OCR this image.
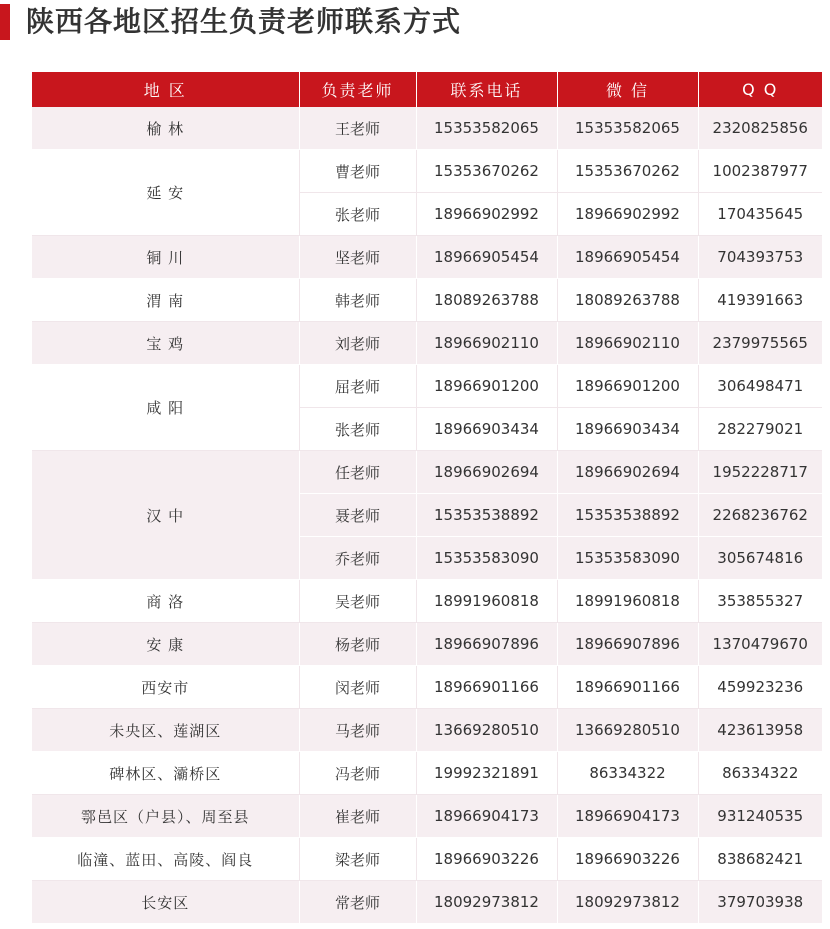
陕西各地区招生负责老师联系方式
地 区	负责老师	联系电话	微 信	Q Q
榆 林	王老师	15353582065	15353582065	2320825856
延 安	曹老师	15353670262	15353670262	1002387977
	张老师	18966902992	18966902992	170435645
铜 川	坚老师	18966905454	18966905454	704393753
渭 南	韩老师	18089263788	18089263788	419391663
宝 鸡	刘老师	18966902110	18966902110	2379975565
咸 阳	屈老师	18966901200	18966901200	306498471
	张老师	18966903434	18966903434	282279021
汉 中	任老师	18966902694	18966902694	1952228717
	聂老师	15353538892	15353538892	2268236762
	乔老师	15353583090	15353583090	305674816
商 洛	吴老师	18991960818	18991960818	353855327
安 康	杨老师	18966907896	18966907896	1370479670
西安市	闵老师	18966901166	18966901166	459923236
未央区、莲湖区	马老师	13669280510	13669280510	423613958
碑林区、灞桥区	冯老师	19992321891	86334322	86334322
鄠邑区（户县）、周至县	崔老师	18966904173	18966904173	931240535
临潼、蓝田、高陵、阎良	梁老师	18966903226	18966903226	838682421
长安区	常老师	18092973812	18092973812	379703938
